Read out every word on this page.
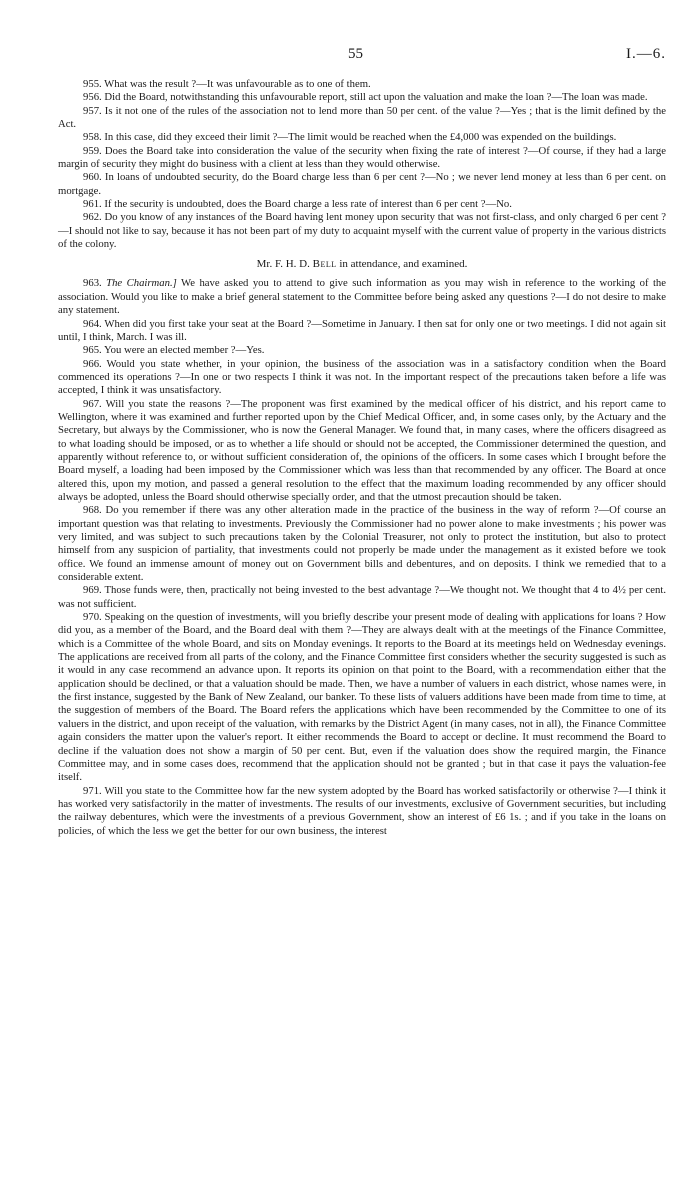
55	I.—6.

955. What was the result ?—It was unfavourable as to one of them.

956. Did the Board, notwithstanding this unfavourable report, still act upon the valuation and make the loan ?—The loan was made.

957. Is it not one of the rules of the association not to lend more than 50 per cent. of the value ?—Yes ; that is the limit defined by the Act.

958. In this case, did they exceed their limit ?—The limit would be reached when the £4,000 was expended on the buildings.

959. Does the Board take into consideration the value of the security when fixing the rate of interest ?—Of course, if they had a large margin of security they might do business with a client at less than they would otherwise.

960. In loans of undoubted security, do the Board charge less than 6 per cent ?—No ; we never lend money at less than 6 per cent. on mortgage.

961. If the security is undoubted, does the Board charge a less rate of interest than 6 per cent ?—No.

962. Do you know of any instances of the Board having lent money upon security that was not first-class, and only charged 6 per cent ?—I should not like to say, because it has not been part of my duty to acquaint myself with the current value of property in the various districts of the colony.

Mr. F. H. D. Bell in attendance, and examined.

963. The Chairman.] We have asked you to attend to give such information as you may wish in reference to the working of the association. Would you like to make a brief general statement to the Committee before being asked any questions ?—I do not desire to make any statement.

964. When did you first take your seat at the Board ?—Sometime in January. I then sat for only one or two meetings. I did not again sit until, I think, March. I was ill.

965. You were an elected member ?—Yes.

966. Would you state whether, in your opinion, the business of the association was in a satisfactory condition when the Board commenced its operations ?—In one or two respects I think it was not. In the important respect of the precautions taken before a life was accepted, I think it was unsatisfactory.

967. Will you state the reasons ?—The proponent was first examined by the medical officer of his district, and his report came to Wellington, where it was examined and further reported upon by the Chief Medical Officer, and, in some cases only, by the Actuary and the Secretary, but always by the Commissioner, who is now the General Manager. We found that, in many cases, where the officers disagreed as to what loading should be imposed, or as to whether a life should or should not be accepted, the Commissioner determined the question, and apparently without reference to, or without sufficient consideration of, the opinions of the officers. In some cases which I brought before the Board myself, a loading had been imposed by the Commissioner which was less than that recommended by any officer. The Board at once altered this, upon my motion, and passed a general resolution to the effect that the maximum loading recommended by any officer should always be adopted, unless the Board should otherwise specially order, and that the utmost precaution should be taken.

968. Do you remember if there was any other alteration made in the practice of the business in the way of reform ?—Of course an important question was that relating to investments. Previously the Commissioner had no power alone to make investments ; his power was very limited, and was subject to such precautions taken by the Colonial Treasurer, not only to protect the institution, but also to protect himself from any suspicion of partiality, that investments could not properly be made under the management as it existed before we took office. We found an immense amount of money out on Government bills and debentures, and on deposits. I think we remedied that to a considerable extent.

969. Those funds were, then, practically not being invested to the best advantage ?—We thought not. We thought that 4 to 4½ per cent. was not sufficient.

970. Speaking on the question of investments, will you briefly describe your present mode of dealing with applications for loans ? How did you, as a member of the Board, and the Board deal with them ?—They are always dealt with at the meetings of the Finance Committee, which is a Committee of the whole Board, and sits on Monday evenings. It reports to the Board at its meetings held on Wednesday evenings. The applications are received from all parts of the colony, and the Finance Committee first considers whether the security suggested is such as it would in any case recommend an advance upon. It reports its opinion on that point to the Board, with a recommendation either that the application should be declined, or that a valuation should be made. Then, we have a number of valuers in each district, whose names were, in the first instance, suggested by the Bank of New Zealand, our banker. To these lists of valuers additions have been made from time to time, at the suggestion of members of the Board. The Board refers the applications which have been recommended by the Committee to one of its valuers in the district, and upon receipt of the valuation, with remarks by the District Agent (in many cases, not in all), the Finance Committee again considers the matter upon the valuer's report. It either recommends the Board to accept or decline. It must recommend the Board to decline if the valuation does not show a margin of 50 per cent. But, even if the valuation does show the required margin, the Finance Committee may, and in some cases does, recommend that the application should not be granted ; but in that case it pays the valuation-fee itself.

971. Will you state to the Committee how far the new system adopted by the Board has worked satisfactorily or otherwise ?—I think it has worked very satisfactorily in the matter of investments. The results of our investments, exclusive of Government securities, but including the railway debentures, which were the investments of a previous Government, show an interest of £6 1s. ; and if you take in the loans on policies, of which the less we get the better for our own business, the interest
